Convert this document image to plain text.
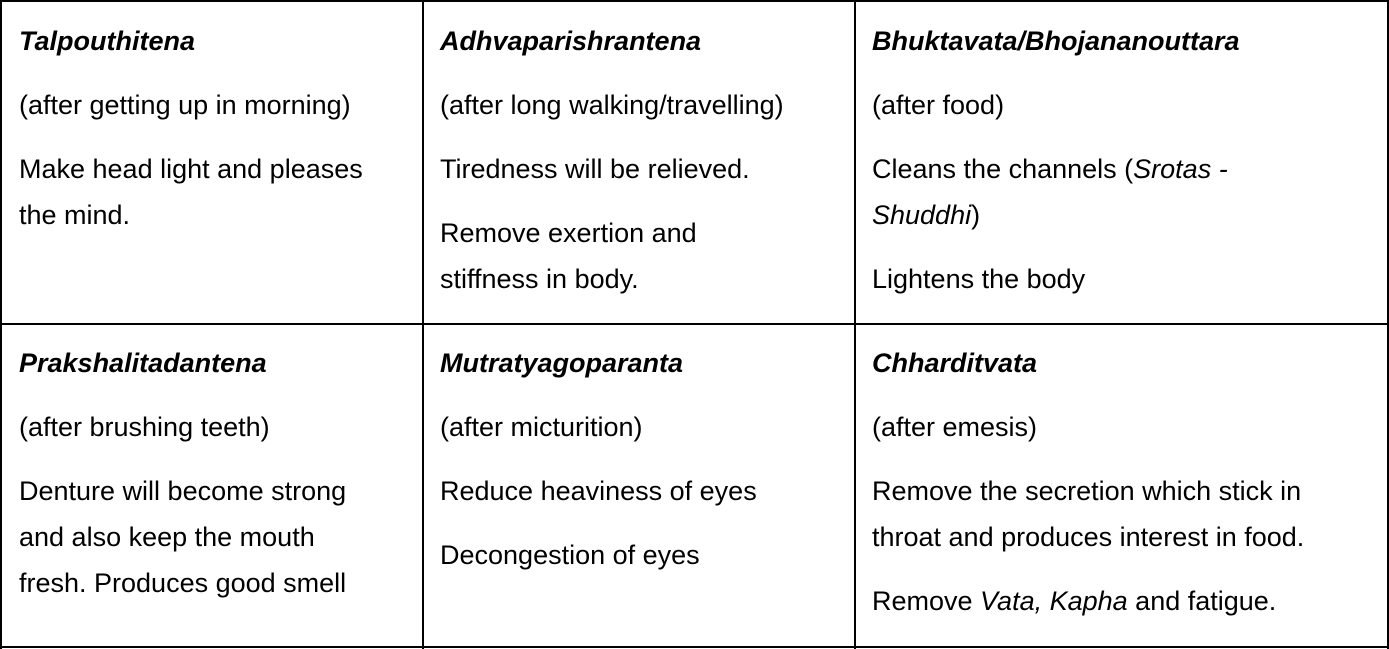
Talpouthitena

(after getting up in morning)

Make head light and pleases
the mind.

Adhvaparishrantena

(after long walking/travelling)

Tiredness will be relieved.

Remove exertion and
stiffness in body.

Bhuktavata/Bhojananouttara

(after food)

Cleans the channels (Srotas -
Shuddhi)

Lightens the body

Prakshalitadantena

(after brushing teeth)

Denture will become strong
and also keep the mouth
fresh. Produces good smell

Mutratyagoparanta

(after micturition)

Reduce heaviness of eyes

Decongestion of eyes

Chharditvata

(after emesis)

Remove the secretion which stick in
throat and produces interest in food.

Remove Vata, Kapha and fatigue.
